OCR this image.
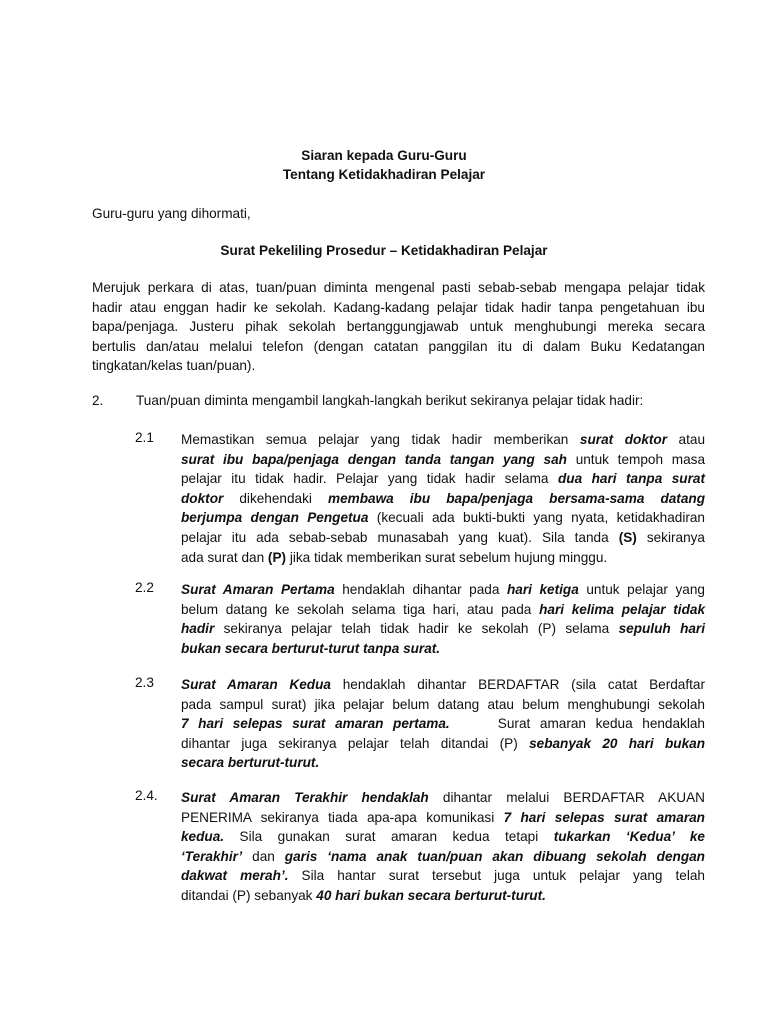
Siaran kepada Guru-Guru
Tentang Ketidakhadiran Pelajar
Guru-guru yang dihormati,
Surat Pekeliling Prosedur – Ketidakhadiran Pelajar
Merujuk perkara di atas, tuan/puan diminta mengenal pasti sebab-sebab mengapa pelajar tidak
hadir atau enggan hadir ke sekolah. Kadang-kadang pelajar tidak hadir tanpa pengetahuan ibu
bapa/penjaga. Justeru pihak sekolah bertanggungjawab untuk menghubungi mereka secara
bertulis dan/atau melalui telefon (dengan catatan panggilan itu di dalam Buku Kedatangan
tingkatan/kelas tuan/puan).
2. Tuan/puan diminta mengambil langkah-langkah berikut sekiranya pelajar tidak hadir:
2.1 Memastikan semua pelajar yang tidak hadir memberikan surat doktor atau
surat ibu bapa/penjaga dengan tanda tangan yang sah untuk tempoh masa
pelajar itu tidak hadir. Pelajar yang tidak hadir selama dua hari tanpa surat
doktor dikehendaki membawa ibu bapa/penjaga bersama-sama datang
berjumpa dengan Pengetua (kecuali ada bukti-bukti yang nyata, ketidakhadiran
pelajar itu ada sebab-sebab munasabah yang kuat). Sila tanda (S) sekiranya
ada surat dan (P) jika tidak memberikan surat sebelum hujung minggu.
2.2 Surat Amaran Pertama hendaklah dihantar pada hari ketiga untuk pelajar yang
belum datang ke sekolah selama tiga hari, atau pada hari kelima pelajar tidak
hadir sekiranya pelajar telah tidak hadir ke sekolah (P) selama sepuluh hari
bukan secara berturut-turut tanpa surat.
2.3 Surat Amaran Kedua hendaklah dihantar BERDAFTAR (sila catat Berdaftar
pada sampul surat) jika pelajar belum datang atau belum menghubungi sekolah
7 hari selepas surat amaran pertama.     Surat amaran kedua hendaklah
dihantar juga sekiranya pelajar telah ditandai (P) sebanyak 20 hari bukan
secara berturut-turut.
2.4. Surat Amaran Terakhir hendaklah dihantar melalui BERDAFTAR AKUAN
PENERIMA sekiranya tiada apa-apa komunikasi 7 hari selepas surat amaran
kedua. Sila gunakan surat amaran kedua tetapi tukarkan ‘Kedua’ ke
‘Terakhir’ dan garis ‘nama anak tuan/puan akan dibuang sekolah dengan
dakwat merah’. Sila hantar surat tersebut juga untuk pelajar yang telah
ditandai (P) sebanyak 40 hari bukan secara berturut-turut.
